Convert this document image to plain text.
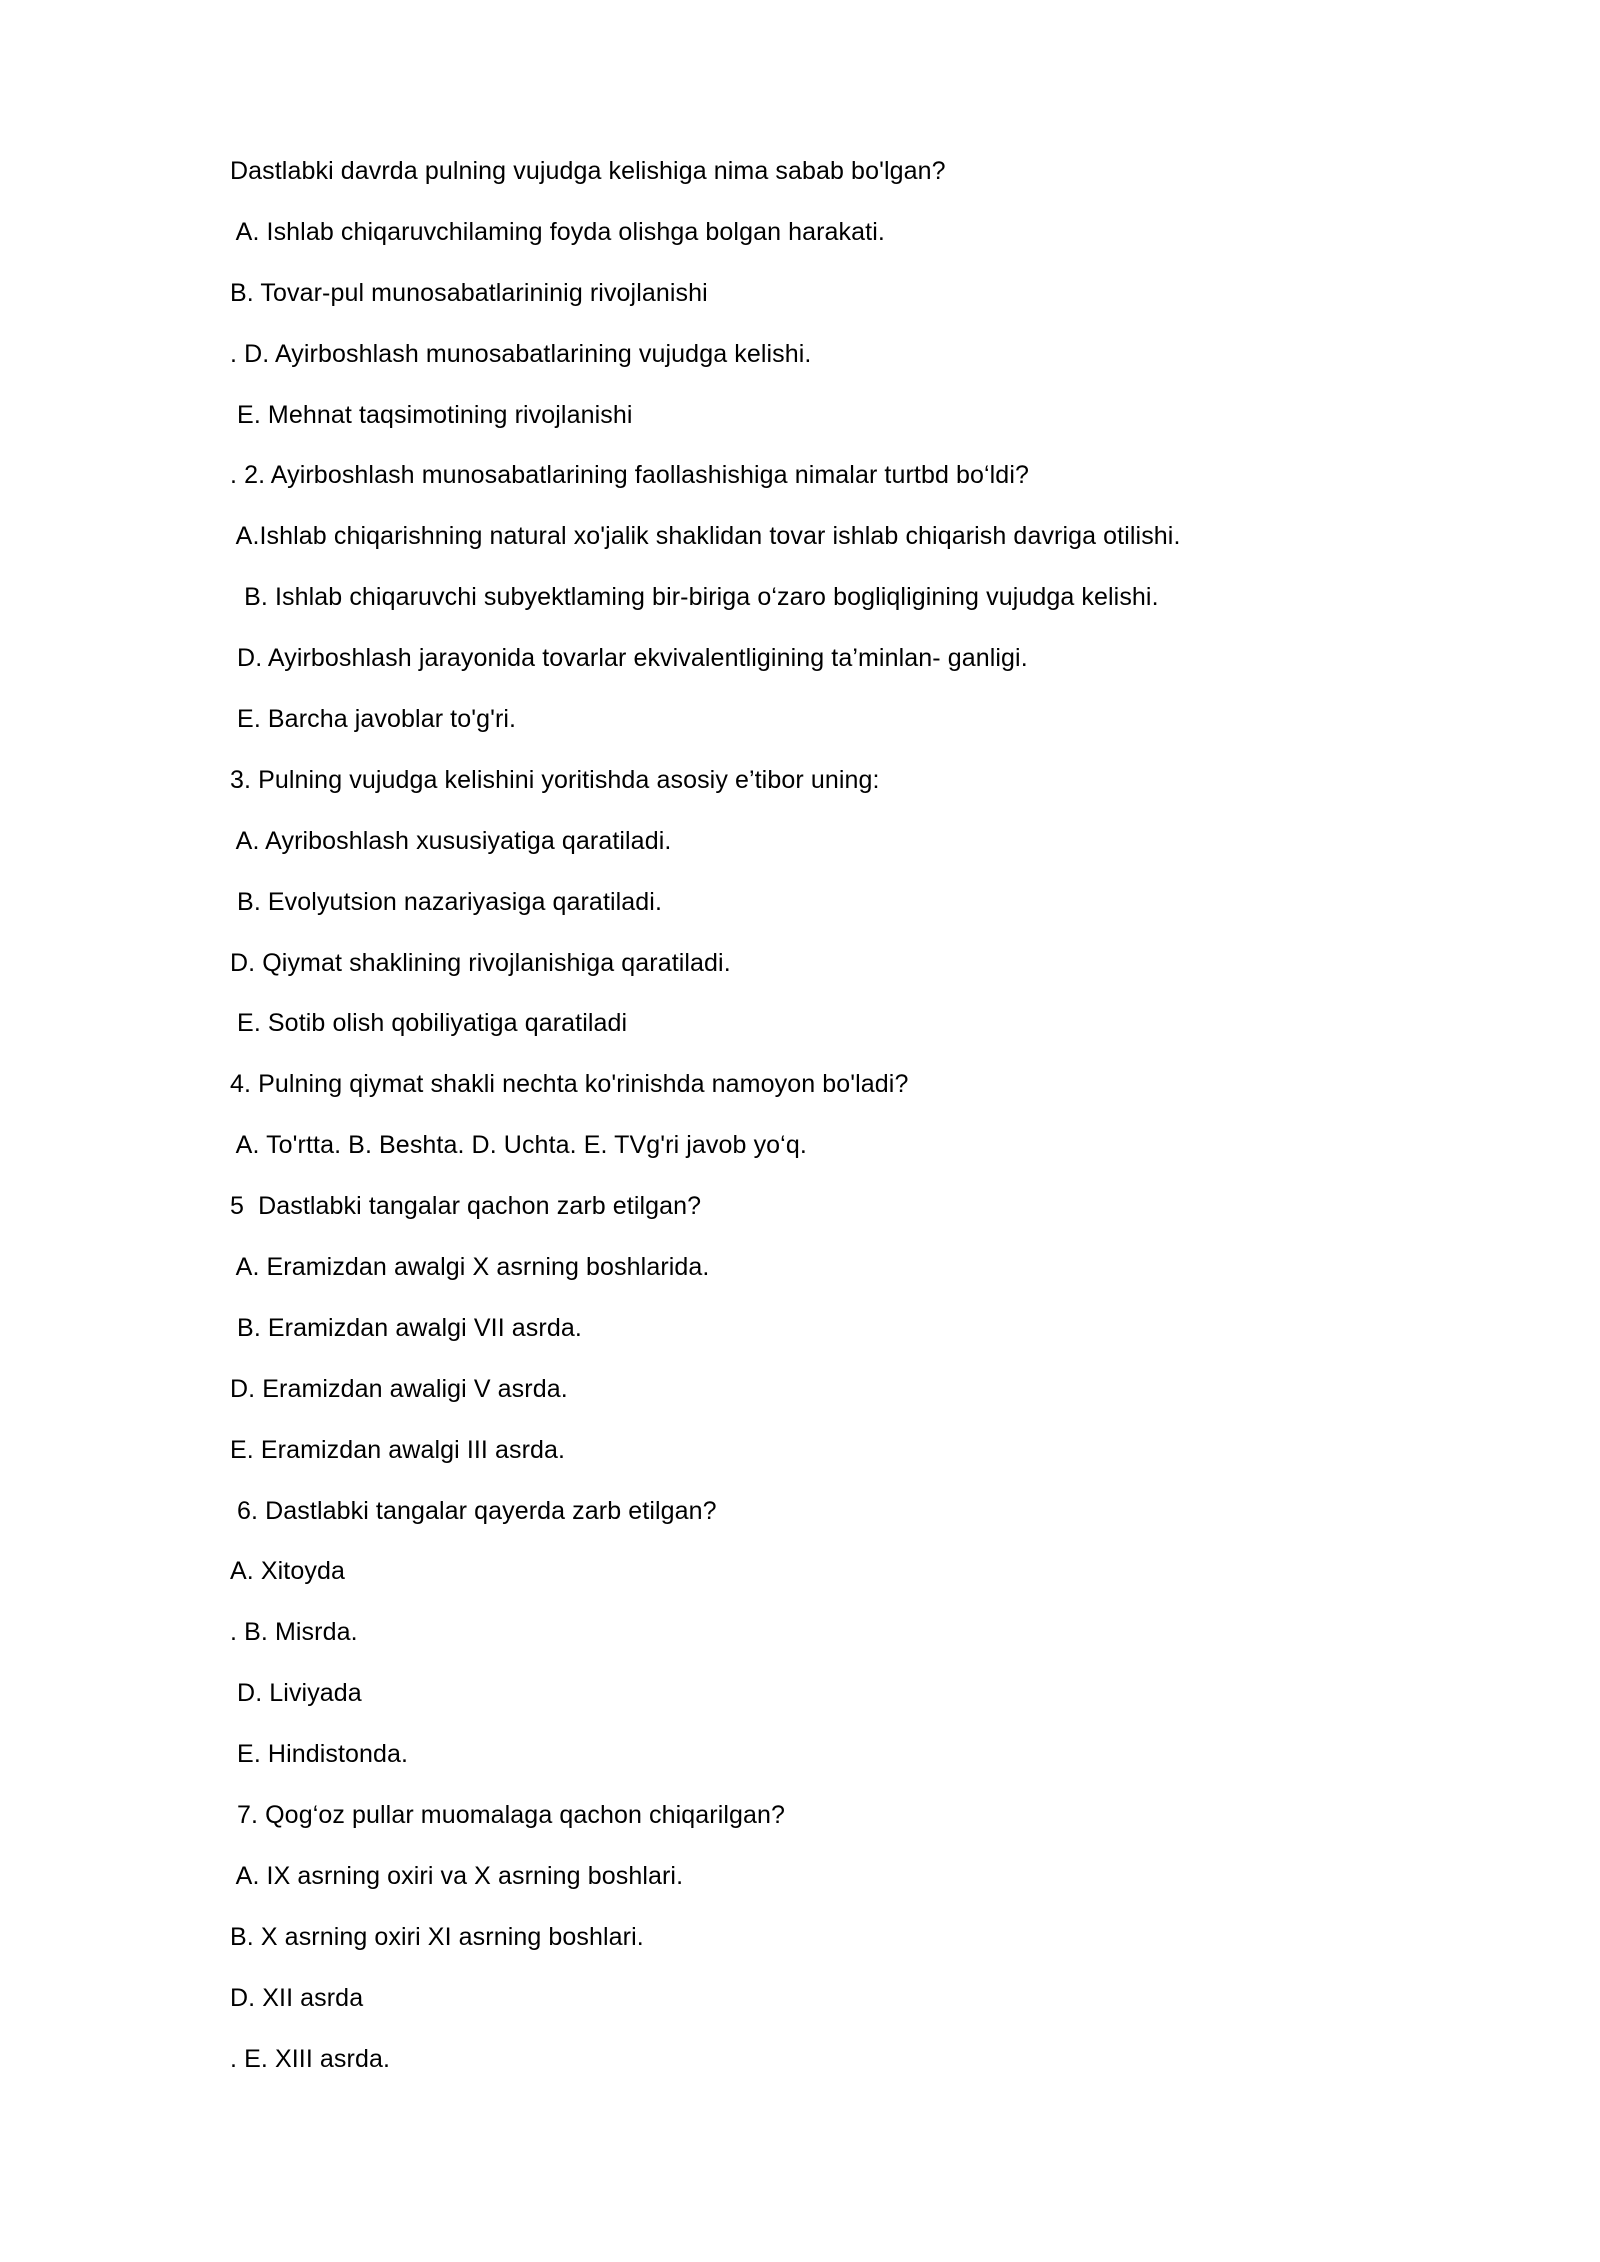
Dastlabki davrda pulning vujudga kelishiga nima sabab bo'lgan?
A. Ishlab chiqaruvchilaming foyda olishga bolgan harakati.
B. Tovar-pul munosabatlarininig rivojlanishi
. D. Ayirboshlash munosabatlarining vujudga kelishi.
E. Mehnat taqsimotining rivojlanishi
. 2. Ayirboshlash munosabatlarining faollashishiga nimalar turtbd bo‘ldi?
A.Ishlab chiqarishning natural xo'jalik shaklidan tovar ishlab chiqarish davriga otilishi.
B. Ishlab chiqaruvchi subyektlaming bir-biriga o‘zaro bogliqligining vujudga kelishi.
D. Ayirboshlash jarayonida tovarlar ekvivalentligining ta’minlan- ganligi.
E. Barcha javoblar to'g'ri.
3. Pulning vujudga kelishini yoritishda asosiy e’tibor uning:
A. Ayriboshlash xususiyatiga qaratiladi.
B. Evolyutsion nazariyasiga qaratiladi.
D. Qiymat shaklining rivojlanishiga qaratiladi.
E. Sotib olish qobiliyatiga qaratiladi
4. Pulning qiymat shakli nechta ko'rinishda namoyon bo'ladi?
A. To'rtta. B. Beshta. D. Uchta. E. TVg'ri javob yo‘q.
5  Dastlabki tangalar qachon zarb etilgan?
A. Eramizdan awalgi X asrning boshlarida.
B. Eramizdan awalgi VII asrda.
D. Eramizdan awaligi V asrda.
E. Eramizdan awalgi III asrda.
6. Dastlabki tangalar qayerda zarb etilgan?
A. Xitoyda
. B. Misrda.
D. Liviyada
E. Hindistonda.
7. Qog‘oz pullar muomalaga qachon chiqarilgan?
A. IX asrning oxiri va X asrning boshlari.
B. X asrning oxiri XI asrning boshlari.
D. XII asrda
. E. XIII asrda.
